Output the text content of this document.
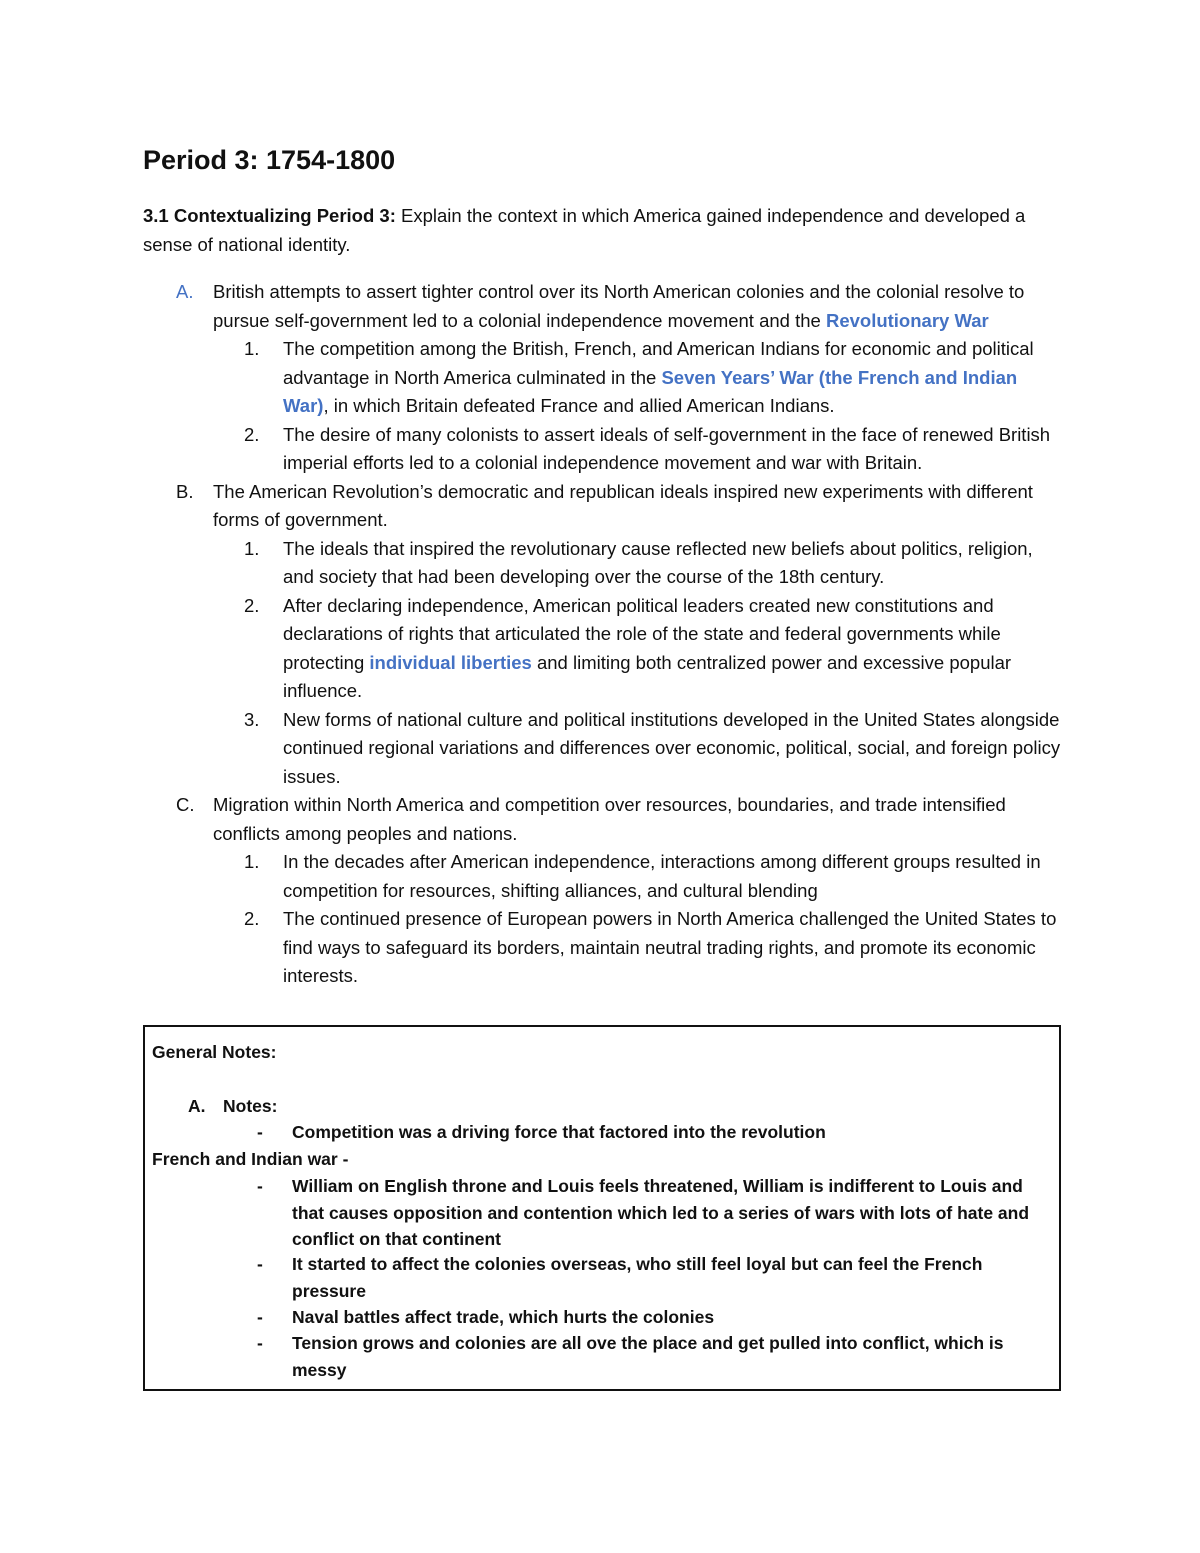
Period 3: 1754-1800

3.1 Contextualizing Period 3: Explain the context in which America gained independence and developed a sense of national identity.

A. British attempts to assert tighter control over its North American colonies and the colonial resolve to pursue self-government led to a colonial independence movement and the Revolutionary War
1. The competition among the British, French, and American Indians for economic and political advantage in North America culminated in the Seven Years’ War (the French and Indian War), in which Britain defeated France and allied American Indians.
2. The desire of many colonists to assert ideals of self-government in the face of renewed British imperial efforts led to a colonial independence movement and war with Britain.
B. The American Revolution’s democratic and republican ideals inspired new experiments with different forms of government.
1. The ideals that inspired the revolutionary cause reflected new beliefs about politics, religion, and society that had been developing over the course of the 18th century.
2. After declaring independence, American political leaders created new constitutions and declarations of rights that articulated the role of the state and federal governments while protecting individual liberties and limiting both centralized power and excessive popular influence.
3. New forms of national culture and political institutions developed in the United States alongside continued regional variations and differences over economic, political, social, and foreign policy issues.
C. Migration within North America and competition over resources, boundaries, and trade intensified conflicts among peoples and nations.
1. In the decades after American independence, interactions among different groups resulted in competition for resources, shifting alliances, and cultural blending
2. The continued presence of European powers in North America challenged the United States to find ways to safeguard its borders, maintain neutral trading rights, and promote its economic interests.
General Notes:
A. Notes:
- Competition was a driving force that factored into the revolution
French and Indian war -
- William on English throne and Louis feels threatened, William is indifferent to Louis and that causes opposition and contention which led to a series of wars with lots of hate and conflict on that continent
- It started to affect the colonies overseas, who still feel loyal but can feel the French pressure
- Naval battles affect trade, which hurts the colonies
- Tension grows and colonies are all ove the place and get pulled into conflict, which is messy
